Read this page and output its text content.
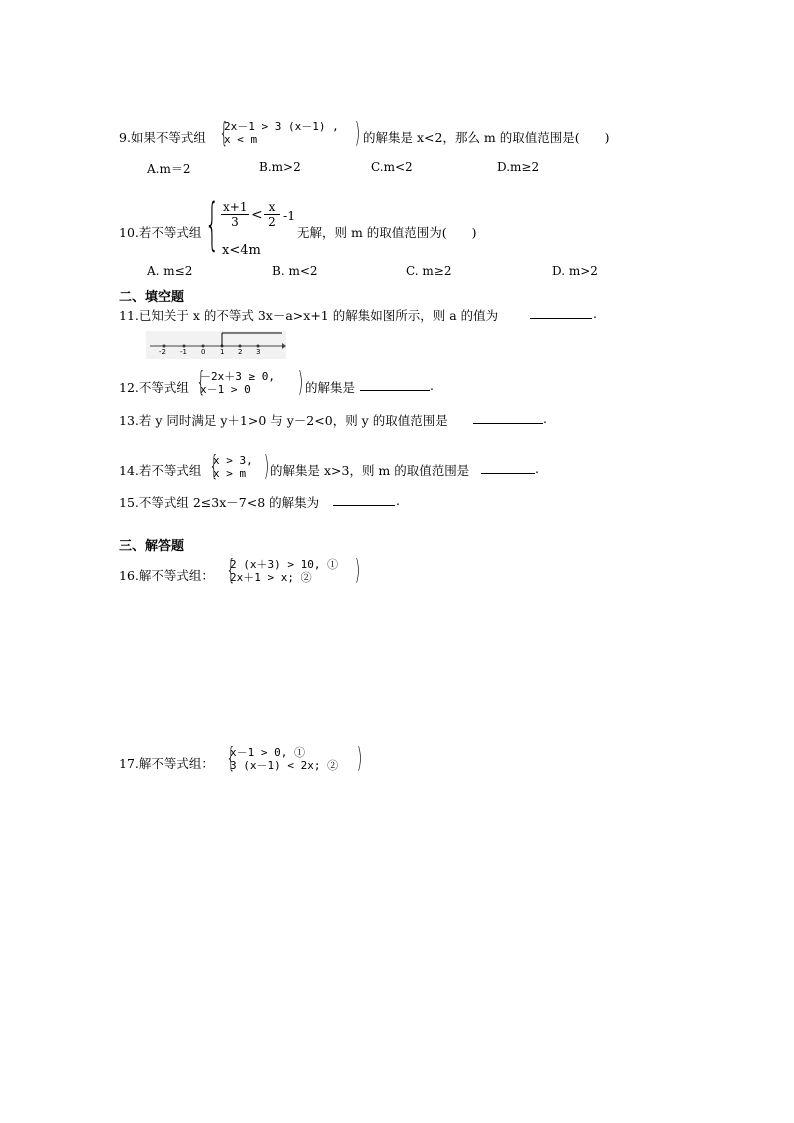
9.如果不等式组 {
2x－1 > 3 (x－1) ,
x < m	) 的解集是 x<2，那么 m 的取值范围是(　　)
A.m＝2	B.m>2	C.m<2	D.m≥2
10.若不等式组 { $\frac{x+1}{3} < \frac{x}{2} -1$
x<4m
无解，则 m 的取值范围为(　　)
A. m≤2	B. m<2	C. m≥2	D. m>2
二、填空题
11.已知关于 x 的不等式 3x－a>x+1 的解集如图所示，则 a 的值为	.
-2 -1 0 1 2 3
12.不等式组 {
－2x＋3 ≥ 0,
x－1 > 0	) 的解集是	.
13.若 y 同时满足 y＋1>0 与 y－2<0，则 y 的取值范围是	.
14.若不等式组 {
x > 3,
x > m ) 的解集是 x>3，则 m 的取值范围是	.
15.不等式组 2≤3x－7<8 的解集为	.
三、解答题
16.解不等式组： {
2 (x＋3) > 10, ①
2x＋1 > x; ②	)
17.解不等式组： {
x－1 > 0, ①
3 (x－1) < 2x; ② )
